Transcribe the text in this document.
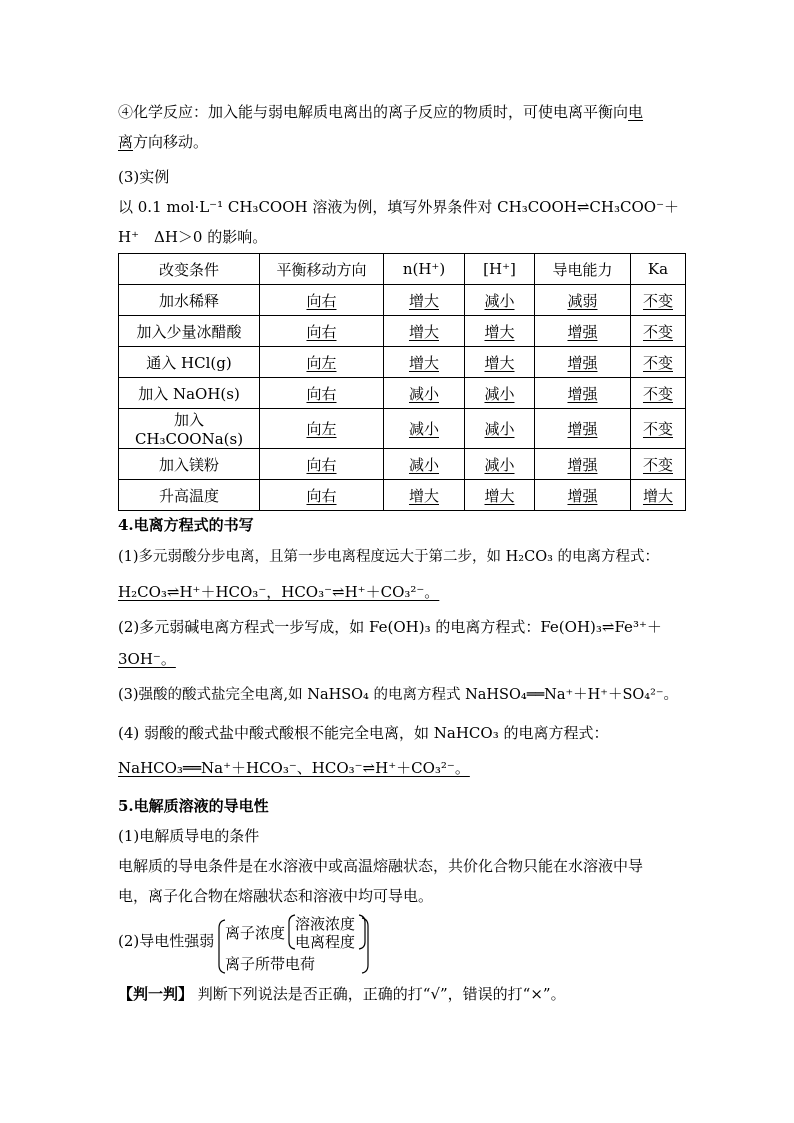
④化学反应：加入能与弱电解质电离出的离子反应的物质时，可使电离平衡向电
离方向移动。
(3)实例
以 0.1 mol·L⁻¹ CH₃COOH 溶液为例，填写外界条件对 CH₃COOH⇌CH₃COO⁻＋
H⁺　ΔH＞0 的影响。
改变条件	平衡移动方向	n(H⁺)	[H⁺]	导电能力	Ka
加水稀释	向右	增大	减小	减弱	不变
加入少量冰醋酸	向右	增大	增大	增强	不变
通入 HCl(g)	向左	增大	增大	增强	不变
加入 NaOH(s)	向右	减小	减小	增强	不变
加入 CH₃COONa(s)	向左	减小	减小	增强	不变
加入镁粉	向右	减小	减小	增强	不变
升高温度	向右	增大	增大	增强	增大
4.电离方程式的书写
(1)多元弱酸分步电离，且第一步电离程度远大于第二步，如 H₂CO₃ 的电离方程式：
H₂CO₃⇌H⁺＋HCO₃⁻，HCO₃⁻⇌H⁺＋CO₃²⁻。
(2)多元弱碱电离方程式一步写成，如 Fe(OH)₃ 的电离方程式：Fe(OH)₃⇌Fe³⁺＋
3OH⁻。
(3)强酸的酸式盐完全电离,如 NaHSO₄ 的电离方程式 NaHSO₄══Na⁺＋H⁺＋SO₄²⁻。
(4) 弱酸的酸式盐中酸式酸根不能完全电离，如 NaHCO₃ 的电离方程式：
NaHCO₃══Na⁺＋HCO₃⁻、HCO₃⁻⇌H⁺＋CO₃²⁻。
5.电解质溶液的导电性
(1)电解质导电的条件
电解质的导电条件是在水溶液中或高温熔融状态，共价化合物只能在水溶液中导
电，离子化合物在熔融状态和溶液中均可导电。
(2)导电性强弱 离子浓度 溶液浓度
电离程度
离子所带电荷
【判一判】 判断下列说法是否正确，正确的打“√”，错误的打“×”。
